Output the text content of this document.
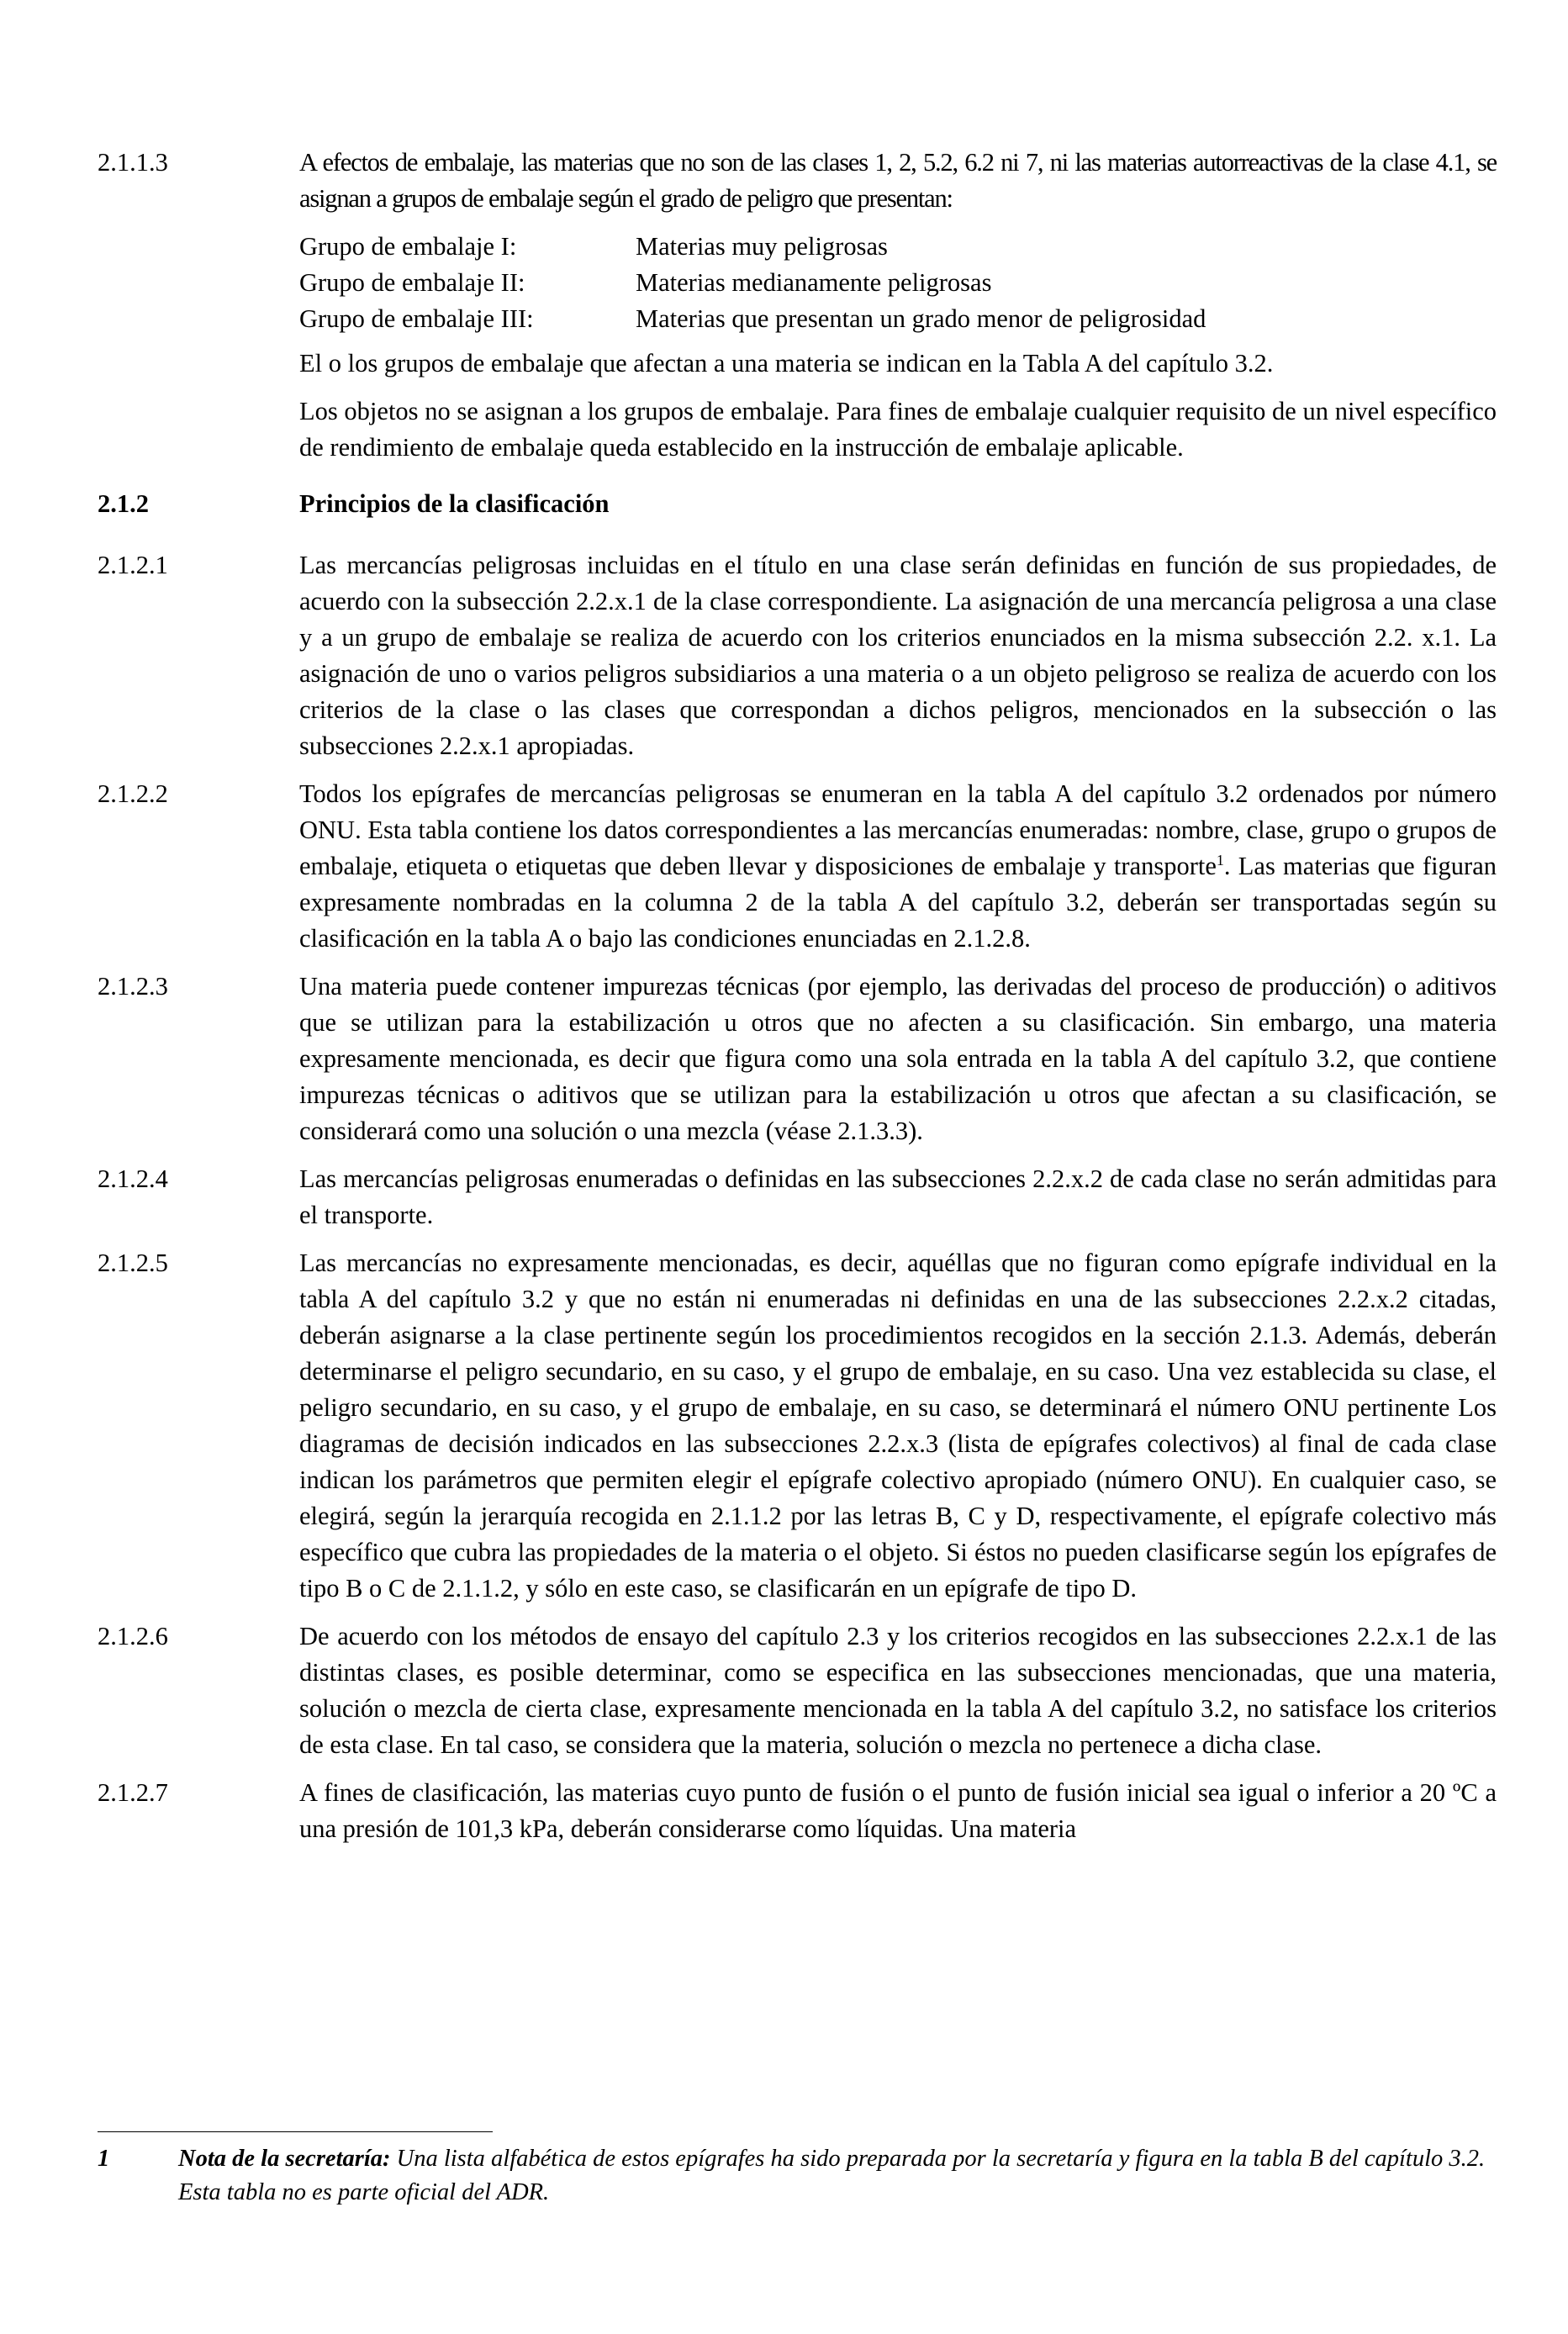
2.1.1.3	A efectos de embalaje, las materias que no son de las clases 1, 2, 5.2, 6.2 ni 7, ni las materias autorreactivas de la clase 4.1, se asignan a grupos de embalaje según el grado de peligro que presentan:

Grupo de embalaje I:	Materias muy peligrosas
Grupo de embalaje II:	Materias medianamente peligrosas
Grupo de embalaje III:	Materias que presentan un grado menor de peligrosidad

El o los grupos de embalaje que afectan a una materia se indican en la Tabla A del capítulo 3.2.

Los objetos no se asignan a los grupos de embalaje. Para fines de embalaje cualquier requisito de un nivel específico de rendimiento de embalaje queda establecido en la instrucción de embalaje aplicable.

2.1.2	Principios de la clasificación
2.1.2.1	Las mercancías peligrosas incluidas en el título en una clase serán definidas en función de sus propiedades, de acuerdo con la subsección 2.2.x.1 de la clase correspondiente. La asignación de una mercancía peligrosa a una clase y a un grupo de embalaje se realiza de acuerdo con los criterios enunciados en la misma subsección 2.2. x.1. La asignación de uno o varios peligros subsidiarios a una materia o a un objeto peligroso se realiza de acuerdo con los criterios de la clase o las clases que correspondan a dichos peligros, mencionados en la subsección o las subsecciones 2.2.x.1 apropiadas.
2.1.2.2	Todos los epígrafes de mercancías peligrosas se enumeran en la tabla A del capítulo 3.2 ordenados por número ONU. Esta tabla contiene los datos correspondientes a las mercancías enumeradas: nombre, clase, grupo o grupos de embalaje, etiqueta o etiquetas que deben llevar y disposiciones de embalaje y transporte$^1$. Las materias que figuran expresamente nombradas en la columna 2 de la tabla A del capítulo 3.2, deberán ser transportadas según su clasificación en la tabla A o bajo las condiciones enunciadas en 2.1.2.8.
2.1.2.3	Una materia puede contener impurezas técnicas (por ejemplo, las derivadas del proceso de producción) o aditivos que se utilizan para la estabilización u otros que no afecten a su clasificación. Sin embargo, una materia expresamente mencionada, es decir que figura como una sola entrada en la tabla A del capítulo 3.2, que contiene impurezas técnicas o aditivos que se utilizan para la estabilización u otros que afectan a su clasificación, se considerará como una solución o una mezcla (véase 2.1.3.3).
2.1.2.4	Las mercancías peligrosas enumeradas o definidas en las subsecciones 2.2.x.2 de cada clase no serán admitidas para el transporte.
2.1.2.5	Las mercancías no expresamente mencionadas, es decir, aquéllas que no figuran como epígrafe individual en la tabla A del capítulo 3.2 y que no están ni enumeradas ni definidas en una de las subsecciones 2.2.x.2 citadas, deberán asignarse a la clase pertinente según los procedimientos recogidos en la sección 2.1.3. Además, deberán determinarse el peligro secundario, en su caso, y el grupo de embalaje, en su caso. Una vez establecida su clase, el peligro secundario, en su caso, y el grupo de embalaje, en su caso, se determinará el número ONU pertinente Los diagramas de decisión indicados en las subsecciones 2.2.x.3 (lista de epígrafes colectivos) al final de cada clase indican los parámetros que permiten elegir el epígrafe colectivo apropiado (número ONU). En cualquier caso, se elegirá, según la jerarquía recogida en 2.1.1.2 por las letras B, C y D, respectivamente, el epígrafe colectivo más específico que cubra las propiedades de la materia o el objeto. Si éstos no pueden clasificarse según los epígrafes de tipo B o C de 2.1.1.2, y sólo en este caso, se clasificarán en un epígrafe de tipo D.
2.1.2.6	De acuerdo con los métodos de ensayo del capítulo 2.3 y los criterios recogidos en las subsecciones 2.2.x.1 de las distintas clases, es posible determinar, como se especifica en las subsecciones mencionadas, que una materia, solución o mezcla de cierta clase, expresamente mencionada en la tabla A del capítulo 3.2, no satisface los criterios de esta clase. En tal caso, se considera que la materia, solución o mezcla no pertenece a dicha clase.
2.1.2.7	A fines de clasificación, las materias cuyo punto de fusión o el punto de fusión inicial sea igual o inferior a 20 ºC a una presión de 101,3 kPa, deberán considerarse como líquidas. Una materia
1	Nota de la secretaría: Una lista alfabética de estos epígrafes ha sido preparada por la secretaría y figura en la tabla B del capítulo 3.2. Esta tabla no es parte oficial del ADR.
